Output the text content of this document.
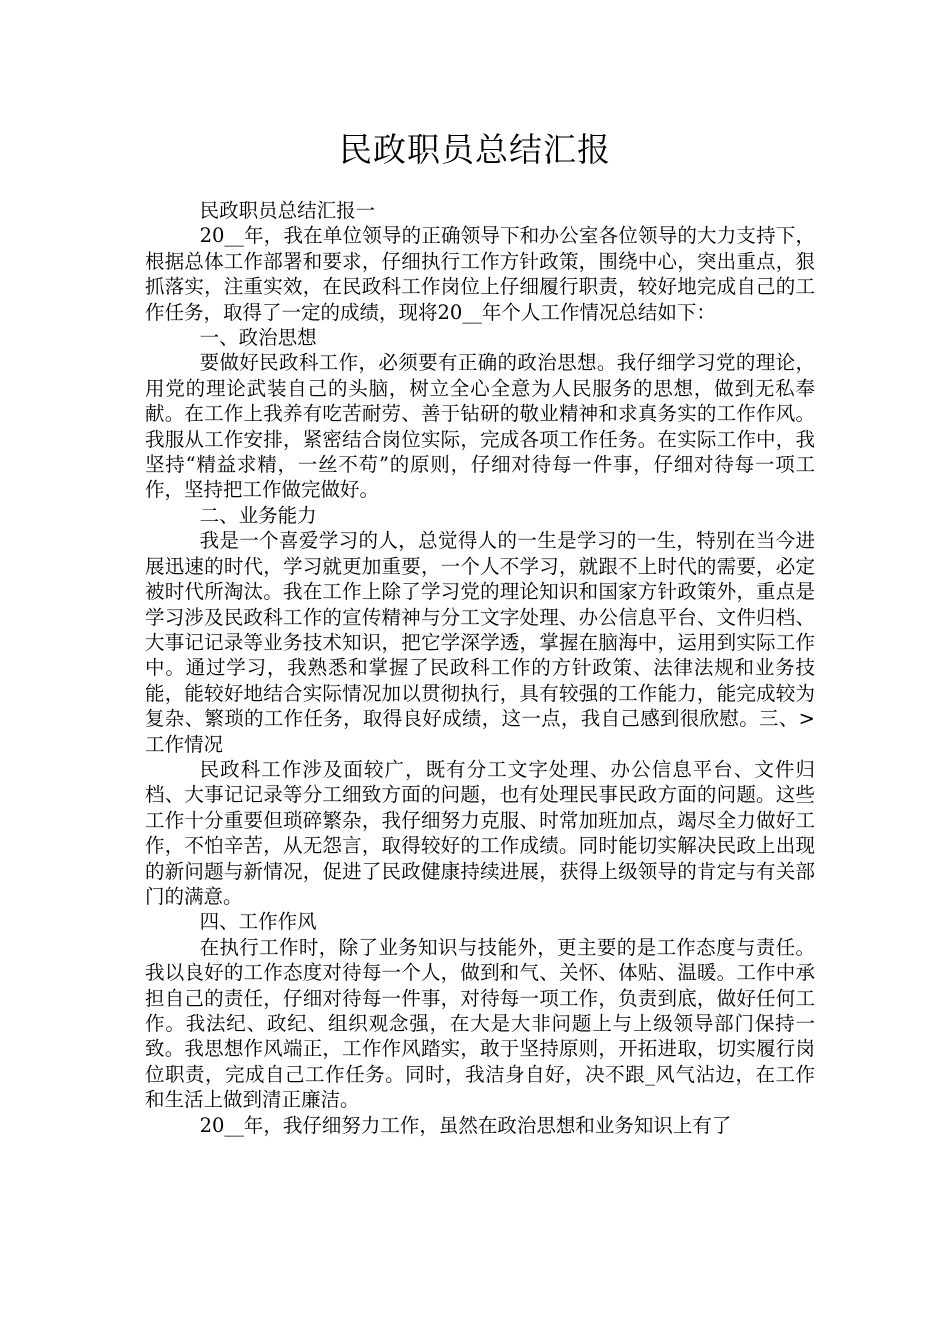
民政职员总结汇报

民政职员总结汇报一

20__年，我在单位领导的正确领导下和办公室各位领导的大力支持下，根据总体工作部署和要求，仔细执行工作方针政策，围绕中心，突出重点，狠抓落实，注重实效，在民政科工作岗位上仔细履行职责，较好地完成自己的工作任务，取得了一定的成绩，现将20__年个人工作情况总结如下：

一、政治思想

要做好民政科工作，必须要有正确的政治思想。我仔细学习党的理论，用党的理论武装自己的头脑，树立全心全意为人民服务的思想，做到无私奉献。在工作上我养有吃苦耐劳、善于钻研的敬业精神和求真务实的工作作风。我服从工作安排，紧密结合岗位实际，完成各项工作任务。在实际工作中，我坚持“精益求精，一丝不苟”的原则，仔细对待每一件事，仔细对待每一项工作，坚持把工作做完做好。

二、业务能力

我是一个喜爱学习的人，总觉得人的一生是学习的一生，特别在当今进展迅速的时代，学习就更加重要，一个人不学习，就跟不上时代的需要，必定被时代所淘汰。我在工作上除了学习党的理论知识和国家方针政策外，重点是学习涉及民政科工作的宣传精神与分工文字处理、办公信息平台、文件归档、大事记记录等业务技术知识，把它学深学透，掌握在脑海中，运用到实际工作中。通过学习，我熟悉和掌握了民政科工作的方针政策、法律法规和业务技能，能较好地结合实际情况加以贯彻执行，具有较强的工作能力，能完成较为复杂、繁琐的工作任务，取得良好成绩，这一点，我自己感到很欣慰。三、>工作情况

民政科工作涉及面较广，既有分工文字处理、办公信息平台、文件归档、大事记记录等分工细致方面的问题，也有处理民事民政方面的问题。这些工作十分重要但琐碎繁杂，我仔细努力克服、时常加班加点，竭尽全力做好工作，不怕辛苦，从无怨言，取得较好的工作成绩。同时能切实解决民政上出现的新问题与新情况，促进了民政健康持续进展，获得上级领导的肯定与有关部门的满意。

四、工作作风

在执行工作时，除了业务知识与技能外，更主要的是工作态度与责任。我以良好的工作态度对待每一个人，做到和气、关怀、体贴、温暖。工作中承担自己的责任，仔细对待每一件事，对待每一项工作，负责到底，做好任何工作。我法纪、政纪、组织观念强，在大是大非问题上与上级领导部门保持一致。我思想作风端正，工作作风踏实，敢于坚持原则，开拓进取，切实履行岗位职责，完成自己工作任务。同时，我洁身自好，决不跟_风气沾边，在工作和生活上做到清正廉洁。

20__年，我仔细努力工作，虽然在政治思想和业务知识上有了
